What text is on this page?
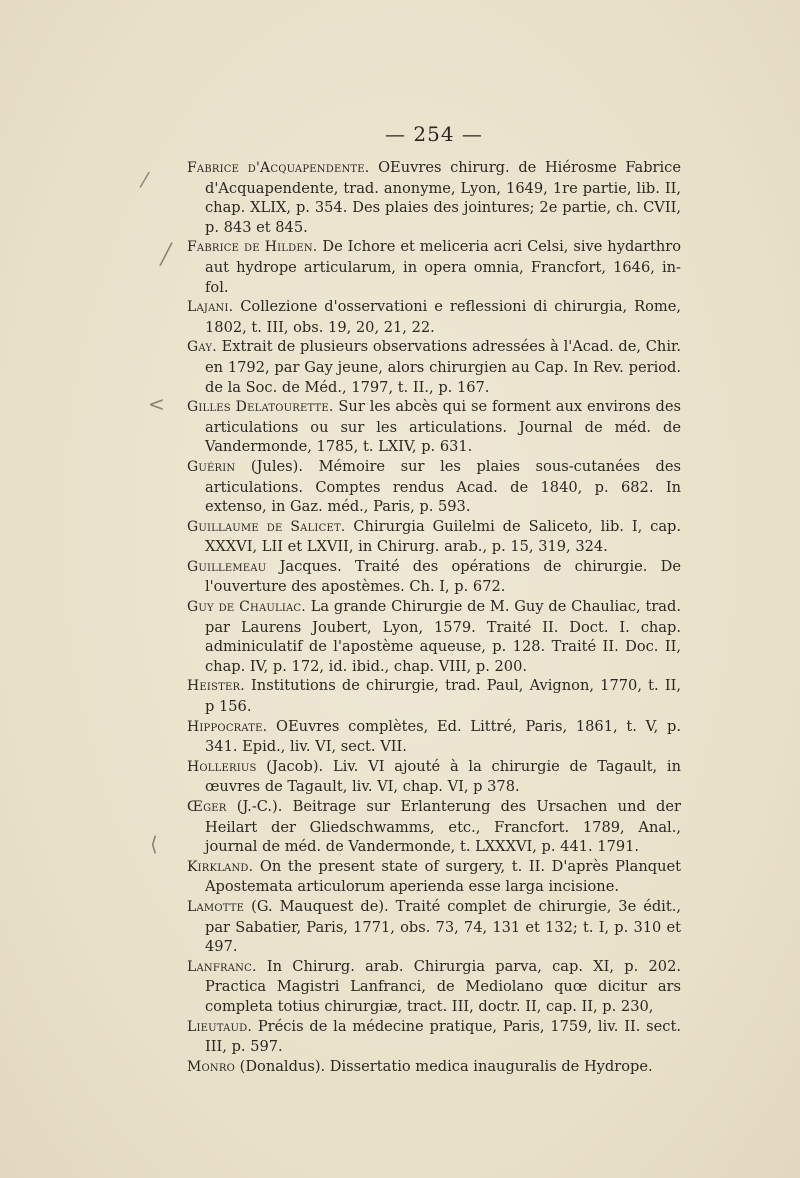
— 254 —
⁄
╱
<
⟨

Fabrice d'Acquapendente. OEuvres chirurg. de Hiérosme Fabrice d'Acquapendente, trad. anonyme, Lyon, 1649, 1re partie, lib. II, chap. XLIX, p. 354. Des plaies des jointures; 2e partie, ch. CVII, p. 843 et 845.

Fabrice de Hilden. De Ichore et meliceria acri Celsi, sive hydarthro aut hydrope articularum, in opera omnia, Francfort, 1646, in-fol.

Lajani. Collezione d'osservationi e reflessioni di chirurgia, Rome, 1802, t. III, obs. 19, 20, 21, 22.

Gay. Extrait de plusieurs observations adressées à l'Acad. de, Chir. en 1792, par Gay jeune, alors chirurgien au Cap. In Rev. period. de la Soc. de Méd., 1797, t. II., p. 167.

Gilles Delatourette. Sur les abcès qui se forment aux environs des articulations ou sur les articulations. Journal de méd. de Vandermonde, 1785, t. LXIV, p. 631.

Guérin (Jules). Mémoire sur les plaies sous-cutanées des articulations. Comptes rendus Acad. de 1840, p. 682. In extenso, in Gaz. méd., Paris, p. 593.

Guillaume de Salicet. Chirurgia Guilelmi de Saliceto, lib. I, cap. XXXVI, LII et LXVII, in Chirurg. arab., p. 15, 319, 324.

Guillemeau Jacques. Traité des opérations de chirurgie. De l'ouverture des apostèmes. Ch. I, p. 672.

Guy de Chauliac. La grande Chirurgie de M. Guy de Chauliac, trad. par Laurens Joubert, Lyon, 1579. Traité II. Doct. I. chap. adminiculatif de l'apostème aqueuse, p. 128. Traité II. Doc. II, chap. IV, p. 172, id. ibid., chap. VIII, p. 200.

Heister. Institutions de chirurgie, trad. Paul, Avignon, 1770, t. II, p 156.

Hippocrate. OEuvres complètes, Ed. Littré, Paris, 1861, t. V, p. 341. Epid., liv. VI, sect. VII.

Hollerius (Jacob). Liv. VI ajouté à la chirurgie de Tagault, in œuvres de Tagault, liv. VI, chap. VI, p 378.

Œger (J.-C.). Beitrage sur Erlanterung des Ursachen und der Heilart der Gliedschwamms, etc., Francfort. 1789, Anal., journal de méd. de Vandermonde, t. LXXXVI, p. 441. 1791.

Kirkland. On the present state of surgery, t. II. D'après Planquet Apostemata articulorum aperienda esse larga incisione.

Lamotte (G. Mauquest de). Traité complet de chirurgie, 3e édit., par Sabatier, Paris, 1771, obs. 73, 74, 131 et 132; t. I, p. 310 et 497.

Lanfranc. In Chirurg. arab. Chirurgia parva, cap. XI, p. 202. Practica Magistri Lanfranci, de Mediolano quœ dicitur ars completa totius chirurgiæ, tract. III, doctr. II, cap. II, p. 230,

Lieutaud. Précis de la médecine pratique, Paris, 1759, liv. II. sect. III, p. 597.

Monro (Donaldus). Dissertatio medica inauguralis de Hydrope.
